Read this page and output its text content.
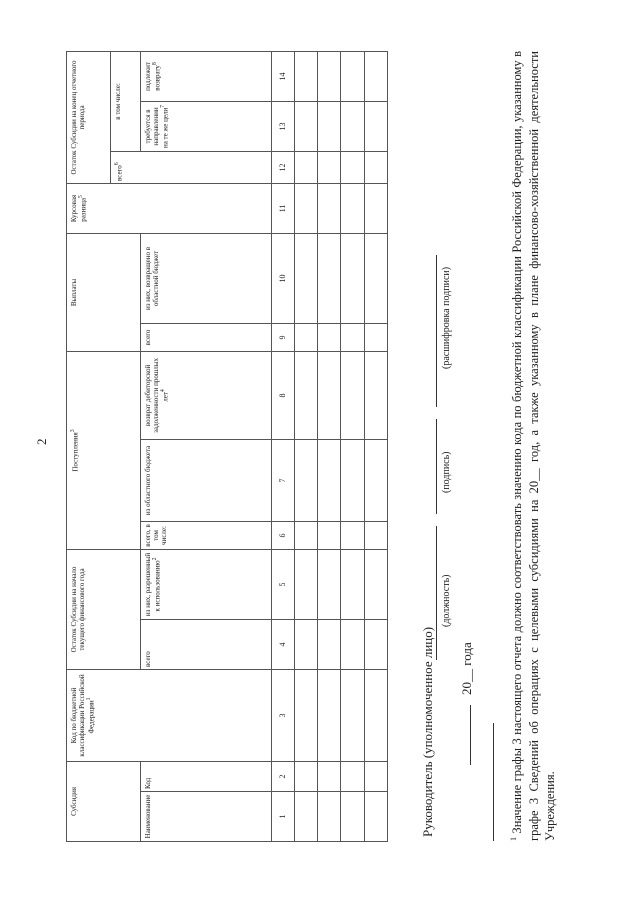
2
Субсидия		Код по бюджетной классификации Российской Федерации$^1$	Остаток Субсидии на начало текущего финансового года		Поступления$^3$			Выплаты		Курсовая разница$^5$	Остаток Субсидии на конец отчетного периода		
											всего$^6$	в том числе:	
Наименование	Код		всего	из них, разрешенный к использованию$^2$	всего, в том числе:	из областного бюджета	возврат дебиторской задолженности прошлых лет$^4$	всего	из них, возвращено в областной бюджет			требуется в направлении на те же цели$^7$	подлежит возврату$^8$

1	2	3	4	5	6	7	8	9	10	11	12	13	14

Руководитель (уполномоченное лицо)
(должность)
(подпись)
(расшифровка подписи)
20__ года
$^1$ Значение графы 3 настоящего отчета должно соответствовать значению кода по бюджетной классификации Российской Федерации, указанному в графе 3 Сведений об операциях с целевыми субсидиями на 20__ год, а также указанному в плане финансово-хозяйственной деятельности Учреждения.
